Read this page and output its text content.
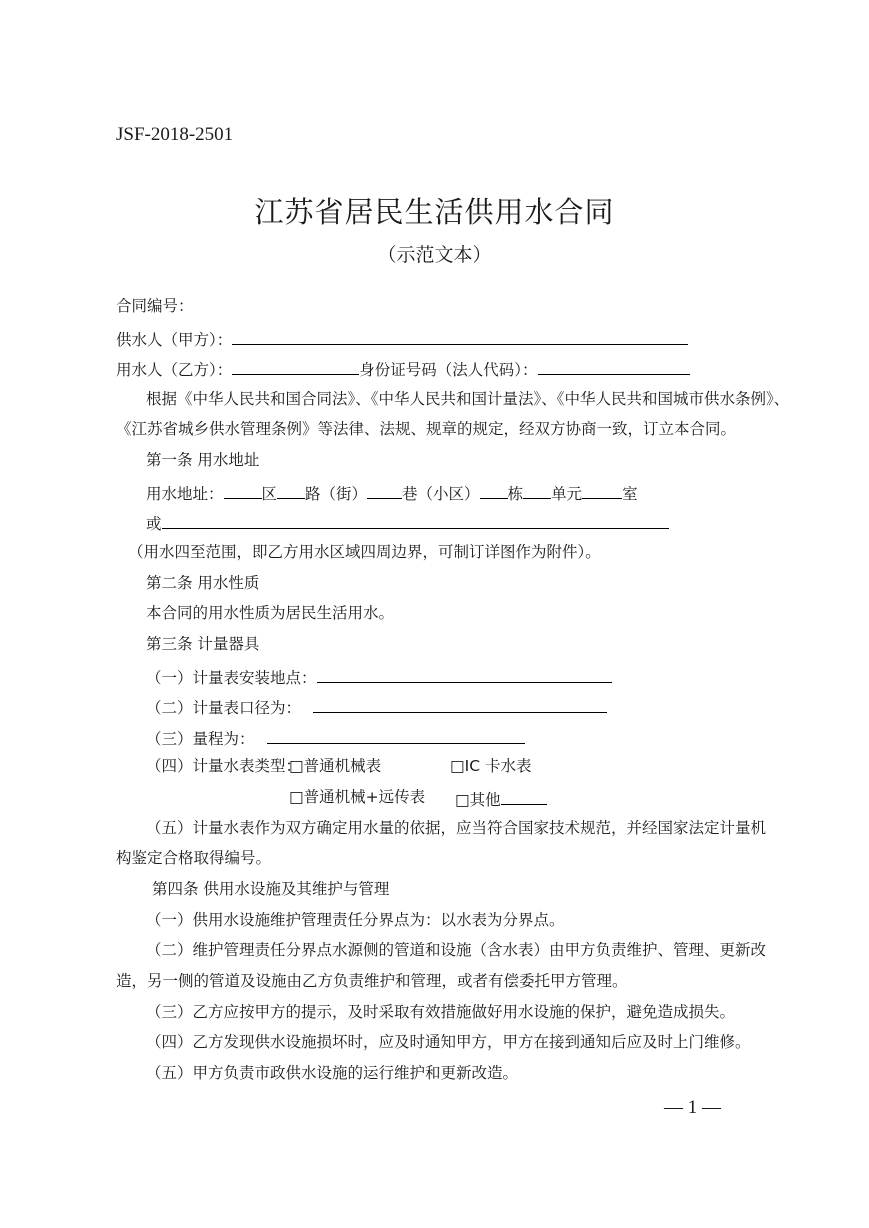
JSF-2018-2501
江苏省居民生活供用水合同
（示范文本）
合同编号：
供水人（甲方）：
用水人（乙方）：	身份证号码（法人代码）：
根据《中华人民共和国合同法》、《中华人民共和国计量法》、《中华人民共和国城市供水条例》、
《江苏省城乡供水管理条例》等法律、法规、规章的规定，经双方协商一致，订立本合同。
第一条 用水地址
用水地址： 区 路（街） 巷（小区） 栋 单元	室
或
（用水四至范围，即乙方用水区域四周边界，可制订详图作为附件）。
第二条 用水性质
本合同的用水性质为居民生活用水。
第三条 计量器具
（一）计量表安装地点：
（二）计量表口径为：
（三）量程为：
（四）计量水表类型：
□普通机械表	□IC 卡水表
□普通机械+远传表 □其他
（五）计量水表作为双方确定用水量的依据，应当符合国家技术规范，并经国家法定计量机
构鉴定合格取得编号。
第四条 供用水设施及其维护与管理
（一）供用水设施维护管理责任分界点为：以水表为分界点。
（二）维护管理责任分界点水源侧的管道和设施（含水表）由甲方负责维护、管理、更新改
造，另一侧的管道及设施由乙方负责维护和管理，或者有偿委托甲方管理。
（三）乙方应按甲方的提示，及时采取有效措施做好用水设施的保护，避免造成损失。
（四）乙方发现供水设施损坏时，应及时通知甲方，甲方在接到通知后应及时上门维修。
（五）甲方负责市政供水设施的运行维护和更新改造。
— 1 —
